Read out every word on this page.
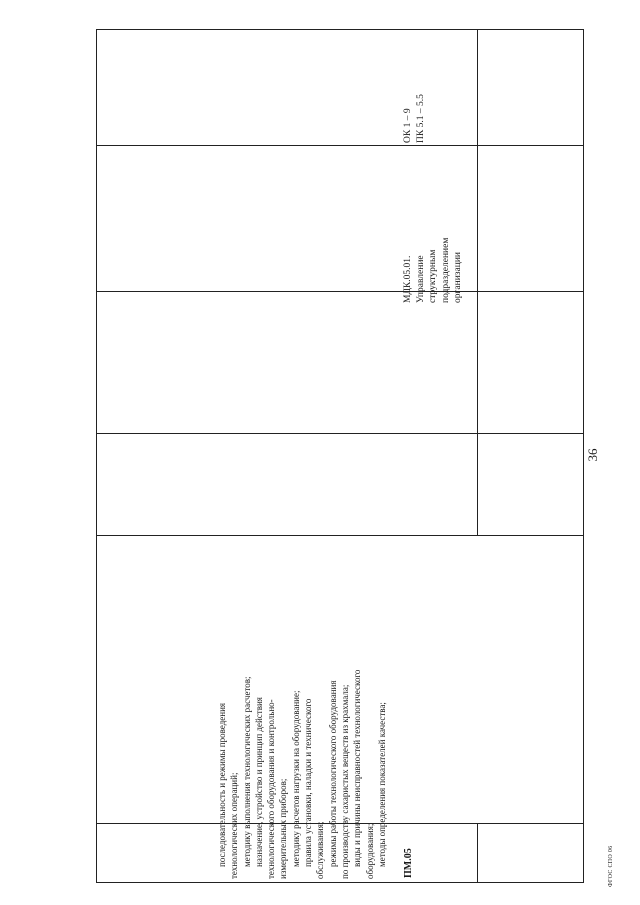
36
ФГОС СПО 06
ПМ.05
последовательность и режимы проведения технологических операций; методику выполнения технологических расчетов; назначение, устройство и принцип действия технологического оборудования и контрольно- измерительных приборов; методику расчетов нагрузки на оборудование; правила установки, наладки и технического обслуживания; режимы работы технологического оборудования по производству сахаристых веществ из крахмала; виды и причины неисправностей технологического оборудования; методы определения показателей качества;
МДК.05.01. Управление структурным подразделением организации
ОК 1 – 9 ПК 5.1 – 5.5
